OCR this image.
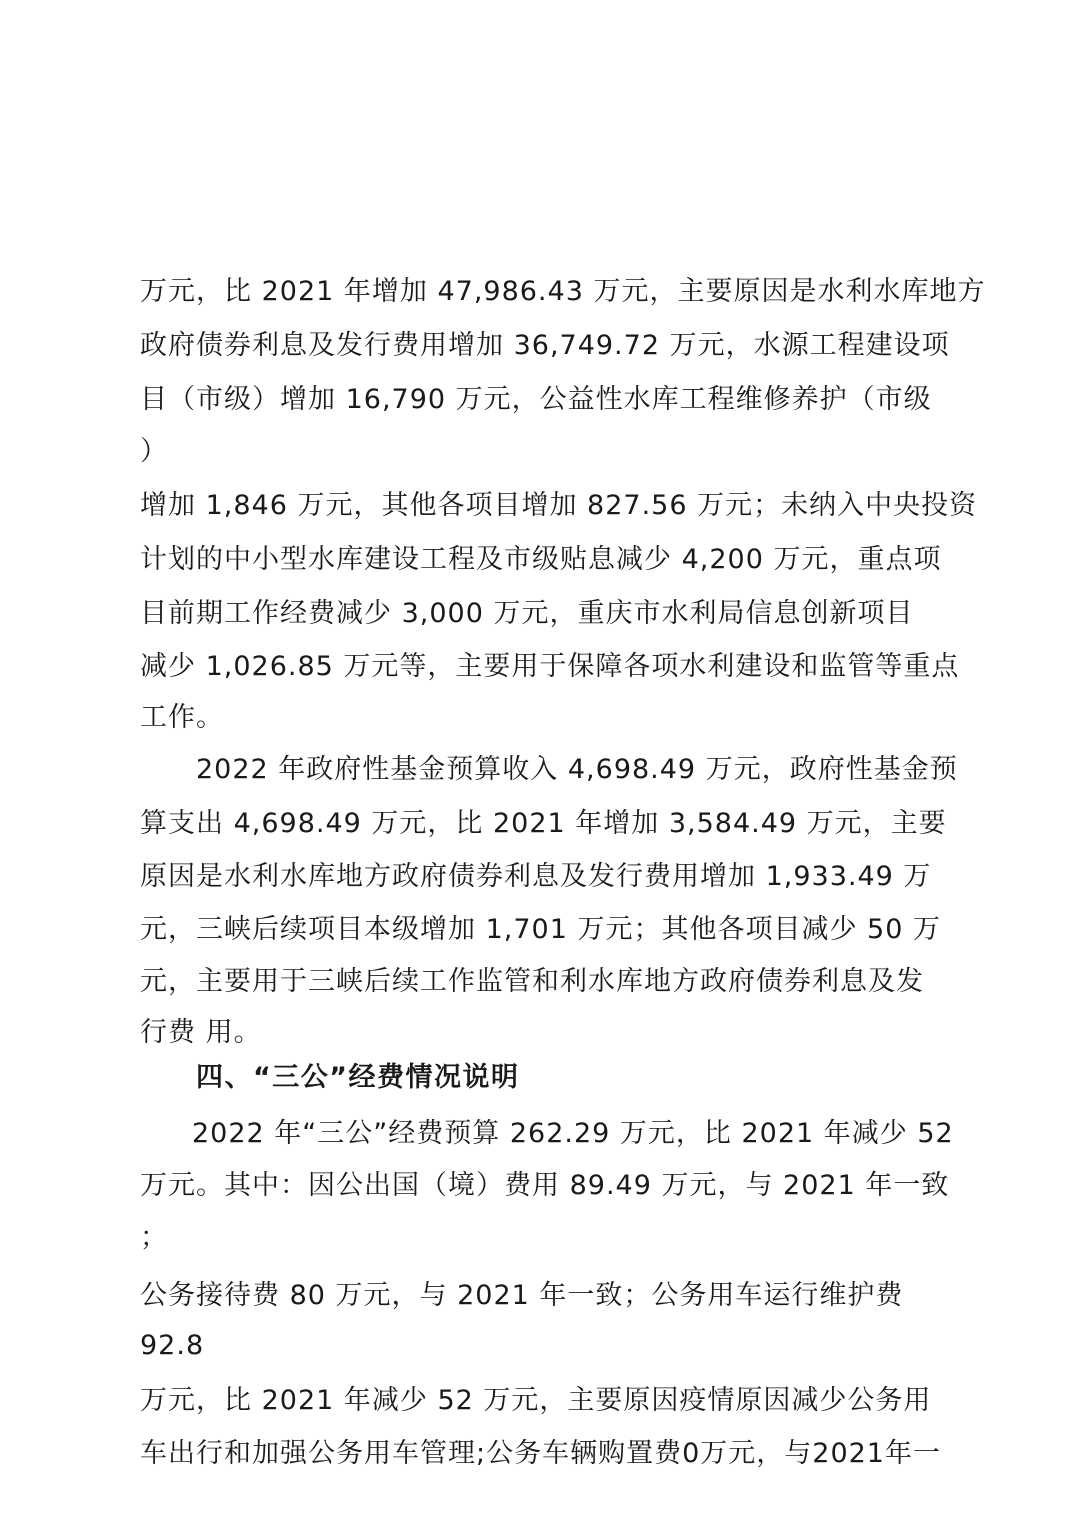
万元，比 2021 年增加 47,986.43 万元，主要原因是水利水库地方

政府债券利息及发行费用增加 36,749.72 万元，水源工程建设项

目（市级）增加 16,790 万元，公益性水库工程维修养护（市级

）

增加 1,846 万元，其他各项目增加 827.56 万元；未纳入中央投资

计划的中小型水库建设工程及市级贴息减少 4,200 万元，重点项

目前期工作经费减少 3,000 万元，重庆市水利局信息创新项目

减少 1,026.85 万元等，主要用于保障各项水利建设和监管等重点

工作。

2022 年政府性基金预算收入 4,698.49 万元，政府性基金预

算支出 4,698.49 万元，比 2021 年增加 3,584.49 万元，主要

原因是水利水库地方政府债券利息及发行费用增加 1,933.49 万

元，三峡后续项目本级增加 1,701 万元；其他各项目减少 50 万

元，主要用于三峡后续工作监管和利水库地方政府债券利息及发

行费 用。

四、“三公”经费情况说明

2022 年“三公”经费预算 262.29 万元，比 2021 年减少 52

万元。其中：因公出国（境）费用 89.49 万元，与 2021 年一致

；

公务接待费 80 万元，与 2021 年一致；公务用车运行维护费

92.8

万元，比 2021 年减少 52 万元，主要原因疫情原因减少公务用

车出行和加强公务用车管理;公务车辆购置费0万元，与2021年一
